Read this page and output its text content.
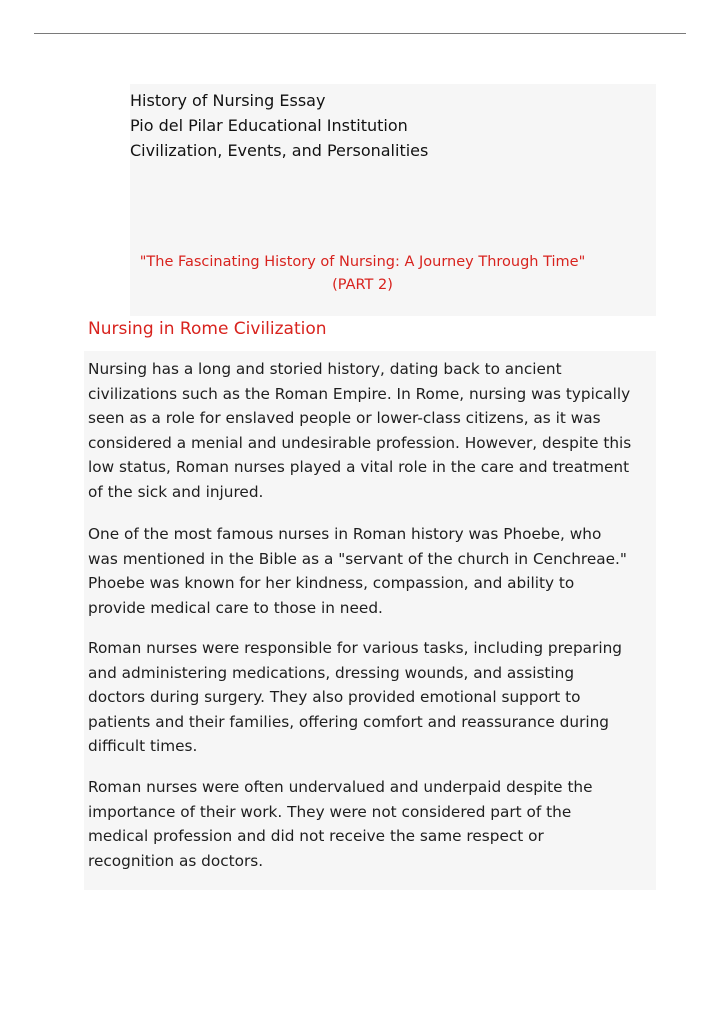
History of Nursing Essay
Pio del Pilar Educational Institution
Civilization, Events, and Personalities
"The Fascinating History of Nursing: A Journey Through Time"
(PART 2)
Nursing in Rome Civilization
Nursing has a long and storied history, dating back to ancient
civilizations such as the Roman Empire. In Rome, nursing was typically
seen as a role for enslaved people or lower-class citizens, as it was
considered a menial and undesirable profession. However, despite this
low status, Roman nurses played a vital role in the care and treatment
of the sick and injured.
One of the most famous nurses in Roman history was Phoebe, who
was mentioned in the Bible as a "servant of the church in Cenchreae."
Phoebe was known for her kindness, compassion, and ability to
provide medical care to those in need.
Roman nurses were responsible for various tasks, including preparing
and administering medications, dressing wounds, and assisting
doctors during surgery. They also provided emotional support to
patients and their families, offering comfort and reassurance during
difficult times.
Roman nurses were often undervalued and underpaid despite the
importance of their work. They were not considered part of the
medical profession and did not receive the same respect or
recognition as doctors.
